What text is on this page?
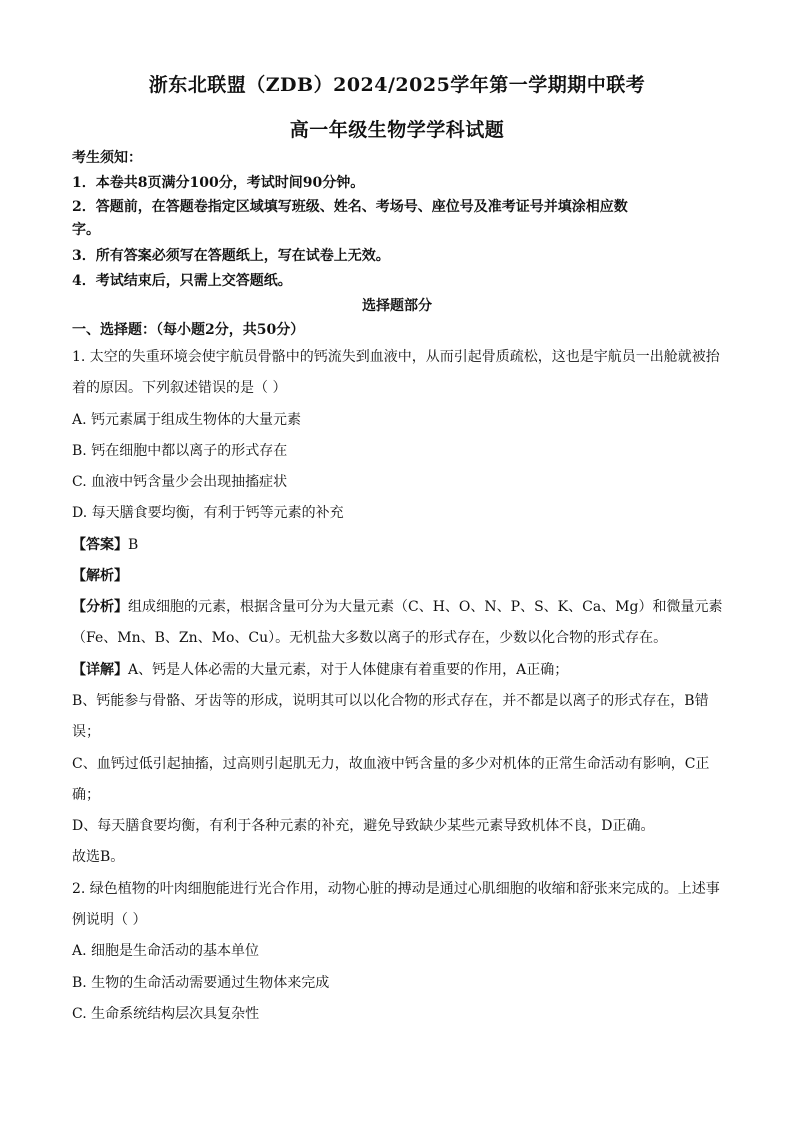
浙东北联盟（ZDB）2024/2025学年第一学期期中联考
高一年级生物学学科试题
考生须知：
1．本卷共8页满分100分，考试时间90分钟。
2．答题前，在答题卷指定区域填写班级、姓名、考场号、座位号及准考证号并填涂相应数
字。
3．所有答案必须写在答题纸上，写在试卷上无效。
4．考试结束后，只需上交答题纸。
选择题部分
一、选择题：（每小题2分，共50分）
1. 太空的失重环境会使宇航员骨骼中的钙流失到血液中，从而引起骨质疏松，这也是宇航员一出舱就被抬
着的原因。下列叙述错误的是（ ）
A. 钙元素属于组成生物体的大量元素
B. 钙在细胞中都以离子的形式存在
C. 血液中钙含量少会出现抽搐症状
D. 每天膳食要均衡，有利于钙等元素的补充
【答案】B
【解析】
【分析】组成细胞的元素，根据含量可分为大量元素（C、H、O、N、P、S、K、Ca、Mg）和微量元素
（Fe、Mn、B、Zn、Mo、Cu）。无机盐大多数以离子的形式存在，少数以化合物的形式存在。
【详解】A、钙是人体必需的大量元素，对于人体健康有着重要的作用，A正确；
B、钙能参与骨骼、牙齿等的形成，说明其可以以化合物的形式存在，并不都是以离子的形式存在，B错
误；
C、血钙过低引起抽搐，过高则引起肌无力，故血液中钙含量的多少对机体的正常生命活动有影响，C正
确；
D、每天膳食要均衡，有利于各种元素的补充，避免导致缺少某些元素导致机体不良，D正确。
故选B。
2. 绿色植物的叶肉细胞能进行光合作用，动物心脏的搏动是通过心肌细胞的收缩和舒张来完成的。上述事
例说明（ ）
A. 细胞是生命活动的基本单位
B. 生物的生命活动需要通过生物体来完成
C. 生命系统结构层次具复杂性
